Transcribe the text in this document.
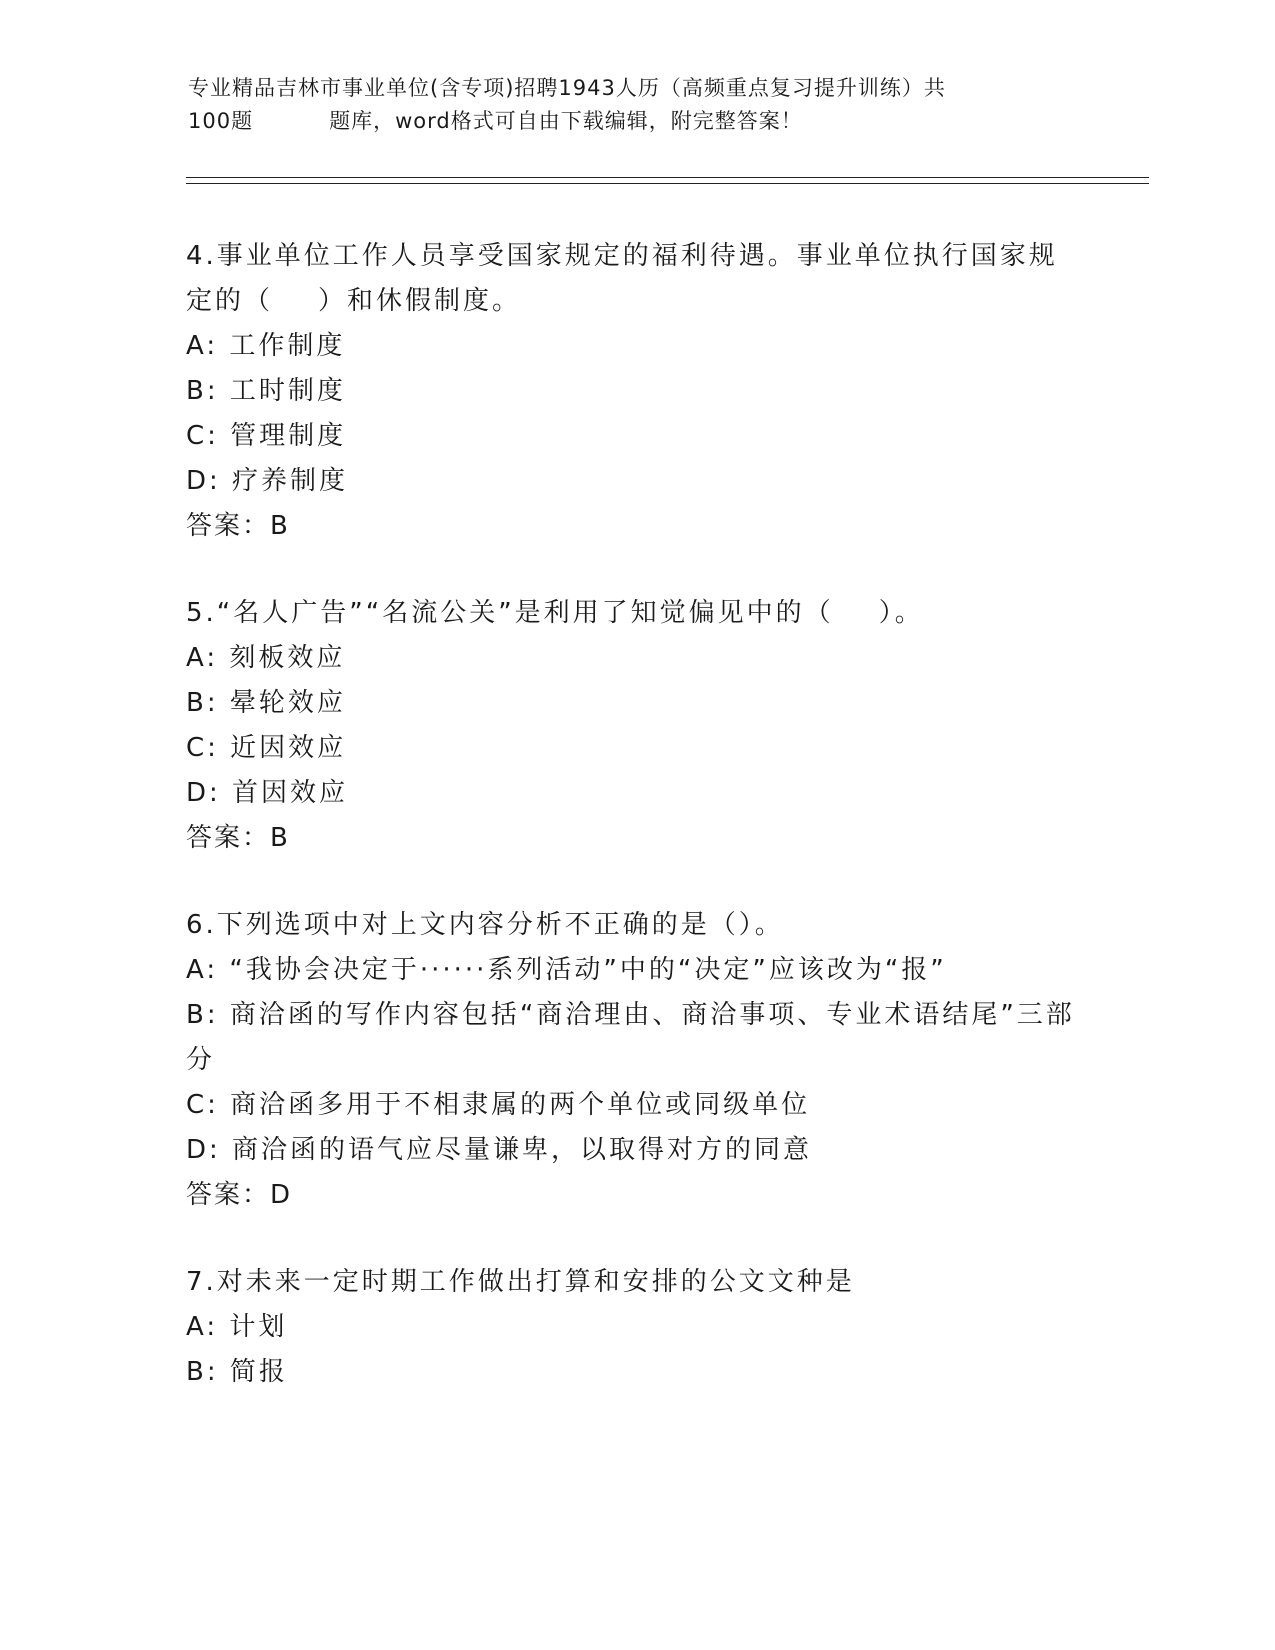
专业精品吉林市事业单位(含专项)招聘1943人历（高频重点复习提升训练）共
100题	题库，word格式可自由下载编辑，附完整答案！
4.事业单位工作人员享受国家规定的福利待遇。事业单位执行国家规
定的（    ）和休假制度。
A: 工作制度
B: 工时制度
C: 管理制度
D: 疗养制度
答案：B
5.“名人广告”“名流公关”是利用了知觉偏见中的（    ）。
A: 刻板效应
B: 晕轮效应
C: 近因效应
D: 首因效应
答案：B
6.下列选项中对上文内容分析不正确的是（）。
A: “我协会决定于······系列活动”中的“决定”应该改为“报”
B: 商洽函的写作内容包括“商洽理由、商洽事项、专业术语结尾”三部分
C: 商洽函多用于不相隶属的两个单位或同级单位
D: 商洽函的语气应尽量谦卑，以取得对方的同意
答案：D
7.对未来一定时期工作做出打算和安排的公文文种是
A: 计划
B: 简报
